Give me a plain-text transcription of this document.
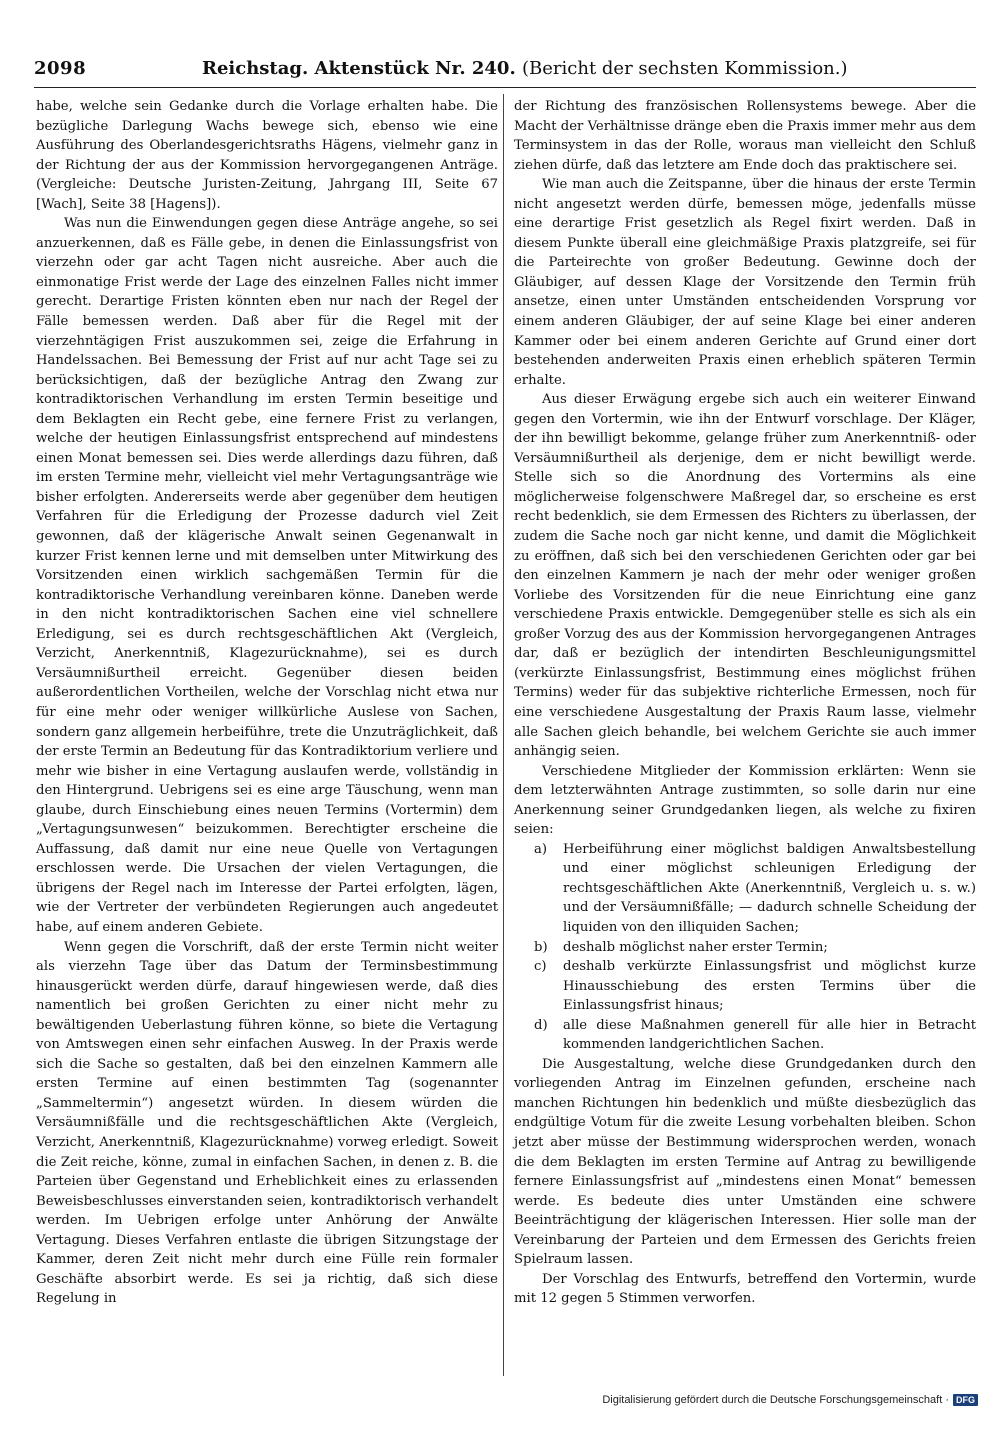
2098	Reichstag. Aktenstück Nr. 240. (Bericht der sechsten Kommission.)

habe, welche sein Gedanke durch die Vorlage erhalten habe. Die bezügliche Darlegung Wachs bewege sich, ebenso wie eine Ausführung des Oberlandesgerichtsraths Hägens, vielmehr ganz in der Richtung der aus der Kommission hervorgegangenen Anträge. (Vergleiche: Deutsche Juristen-Zeitung, Jahrgang III, Seite 67 [Wach], Seite 38 [Hagens]).

Was nun die Einwendungen gegen diese Anträge angehe, so sei anzuerkennen, daß es Fälle gebe, in denen die Einlassungsfrist von vierzehn oder gar acht Tagen nicht ausreiche. Aber auch die einmonatige Frist werde der Lage des einzelnen Falles nicht immer gerecht. Derartige Fristen könnten eben nur nach der Regel der Fälle bemessen werden. Daß aber für die Regel mit der vierzehntägigen Frist auszukommen sei, zeige die Erfahrung in Handelssachen. Bei Bemessung der Frist auf nur acht Tage sei zu berücksichtigen, daß der bezügliche Antrag den Zwang zur kontradiktorischen Verhandlung im ersten Termin beseitige und dem Beklagten ein Recht gebe, eine fernere Frist zu verlangen, welche der heutigen Einlassungsfrist entsprechend auf mindestens einen Monat bemessen sei. Dies werde allerdings dazu führen, daß im ersten Termine mehr, vielleicht viel mehr Vertagungsanträge wie bisher erfolgten. Andererseits werde aber gegenüber dem heutigen Verfahren für die Erledigung der Prozesse dadurch viel Zeit gewonnen, daß der klägerische Anwalt seinen Gegenanwalt in kurzer Frist kennen lerne und mit demselben unter Mitwirkung des Vorsitzenden einen wirklich sachgemäßen Termin für die kontradiktorische Verhandlung vereinbaren könne. Daneben werde in den nicht kontradiktorischen Sachen eine viel schnellere Erledigung, sei es durch rechtsgeschäftlichen Akt (Vergleich, Verzicht, Anerkenntniß, Klagezurücknahme), sei es durch Versäumnißurtheil erreicht. Gegenüber diesen beiden außerordentlichen Vortheilen, welche der Vorschlag nicht etwa nur für eine mehr oder weniger willkürliche Auslese von Sachen, sondern ganz allgemein herbeiführe, trete die Unzuträglichkeit, daß der erste Termin an Bedeutung für das Kontradiktorium verliere und mehr wie bisher in eine Vertagung auslaufen werde, vollständig in den Hintergrund. Uebrigens sei es eine arge Täuschung, wenn man glaube, durch Einschiebung eines neuen Termins (Vortermin) dem „Vertagungsunwesen“ beizukommen. Berechtigter erscheine die Auffassung, daß damit nur eine neue Quelle von Vertagungen erschlossen werde. Die Ursachen der vielen Vertagungen, die übrigens der Regel nach im Interesse der Partei erfolgten, lägen, wie der Vertreter der verbündeten Regierungen auch angedeutet habe, auf einem anderen Gebiete.

Wenn gegen die Vorschrift, daß der erste Termin nicht weiter als vierzehn Tage über das Datum der Terminsbestimmung hinausgerückt werden dürfe, darauf hingewiesen werde, daß dies namentlich bei großen Gerichten zu einer nicht mehr zu bewältigenden Ueberlastung führen könne, so biete die Vertagung von Amtswegen einen sehr einfachen Ausweg. In der Praxis werde sich die Sache so gestalten, daß bei den einzelnen Kammern alle ersten Termine auf einen bestimmten Tag (sogenannter „Sammeltermin“) angesetzt würden. In diesem würden die Versäumnißfälle und die rechtsgeschäftlichen Akte (Vergleich, Verzicht, Anerkenntniß, Klagezurücknahme) vorweg erledigt. Soweit die Zeit reiche, könne, zumal in einfachen Sachen, in denen z. B. die Parteien über Gegenstand und Erheblichkeit eines zu erlassenden Beweisbeschlusses einverstanden seien, kontradiktorisch verhandelt werden. Im Uebrigen erfolge unter Anhörung der Anwälte Vertagung. Dieses Verfahren entlaste die übrigen Sitzungstage der Kammer, deren Zeit nicht mehr durch eine Fülle rein formaler Geschäfte absorbirt werde. Es sei ja richtig, daß sich diese Regelung in

der Richtung des französischen Rollensystems bewege. Aber die Macht der Verhältnisse dränge eben die Praxis immer mehr aus dem Terminsystem in das der Rolle, woraus man vielleicht den Schluß ziehen dürfe, daß das letztere am Ende doch das praktischere sei.

Wie man auch die Zeitspanne, über die hinaus der erste Termin nicht angesetzt werden dürfe, bemessen möge, jedenfalls müsse eine derartige Frist gesetzlich als Regel fixirt werden. Daß in diesem Punkte überall eine gleichmäßige Praxis platzgreife, sei für die Parteirechte von großer Bedeutung. Gewinne doch der Gläubiger, auf dessen Klage der Vorsitzende den Termin früh ansetze, einen unter Umständen entscheidenden Vorsprung vor einem anderen Gläubiger, der auf seine Klage bei einer anderen Kammer oder bei einem anderen Gerichte auf Grund einer dort bestehenden anderweiten Praxis einen erheblich späteren Termin erhalte.

Aus dieser Erwägung ergebe sich auch ein weiterer Einwand gegen den Vortermin, wie ihn der Entwurf vorschlage. Der Kläger, der ihn bewilligt bekomme, gelange früher zum Anerkenntniß- oder Versäumnißurtheil als derjenige, dem er nicht bewilligt werde. Stelle sich so die Anordnung des Vortermins als eine möglicherweise folgenschwere Maßregel dar, so erscheine es erst recht bedenklich, sie dem Ermessen des Richters zu überlassen, der zudem die Sache noch gar nicht kenne, und damit die Möglichkeit zu eröffnen, daß sich bei den verschiedenen Gerichten oder gar bei den einzelnen Kammern je nach der mehr oder weniger großen Vorliebe des Vorsitzenden für die neue Einrichtung eine ganz verschiedene Praxis entwickle. Demgegenüber stelle es sich als ein großer Vorzug des aus der Kommission hervorgegangenen Antrages dar, daß er bezüglich der intendirten Beschleunigungsmittel (verkürzte Einlassungsfrist, Bestimmung eines möglichst frühen Termins) weder für das subjektive richterliche Ermessen, noch für eine verschiedene Ausgestaltung der Praxis Raum lasse, vielmehr alle Sachen gleich behandle, bei welchem Gerichte sie auch immer anhängig seien.

Verschiedene Mitglieder der Kommission erklärten: Wenn sie dem letzterwähnten Antrage zustimmten, so solle darin nur eine Anerkennung seiner Grundgedanken liegen, als welche zu fixiren seien:

a) Herbeiführung einer möglichst baldigen Anwaltsbestellung und einer möglichst schleunigen Erledigung der rechtsgeschäftlichen Akte (Anerkenntniß, Vergleich u. s. w.) und der Versäumnißfälle; — dadurch schnelle Scheidung der liquiden von den illiquiden Sachen;
b) deshalb möglichst naher erster Termin;
c) deshalb verkürzte Einlassungsfrist und möglichst kurze Hinausschiebung des ersten Termins über die Einlassungsfrist hinaus;
d) alle diese Maßnahmen generell für alle hier in Betracht kommenden landgerichtlichen Sachen.

Die Ausgestaltung, welche diese Grundgedanken durch den vorliegenden Antrag im Einzelnen gefunden, erscheine nach manchen Richtungen hin bedenklich und müßte diesbezüglich das endgültige Votum für die zweite Lesung vorbehalten bleiben. Schon jetzt aber müsse der Bestimmung widersprochen werden, wonach die dem Beklagten im ersten Termine auf Antrag zu bewilligende fernere Einlassungsfrist auf „mindestens einen Monat“ bemessen werde. Es bedeute dies unter Umständen eine schwere Beeinträchtigung der klägerischen Interessen. Hier solle man der Vereinbarung der Parteien und dem Ermessen des Gerichts freien Spielraum lassen.

Der Vorschlag des Entwurfs, betreffend den Vortermin, wurde mit 12 gegen 5 Stimmen verworfen.

Digitalisierung gefördert durch die Deutsche Forschungsgemeinschaft · DFG
